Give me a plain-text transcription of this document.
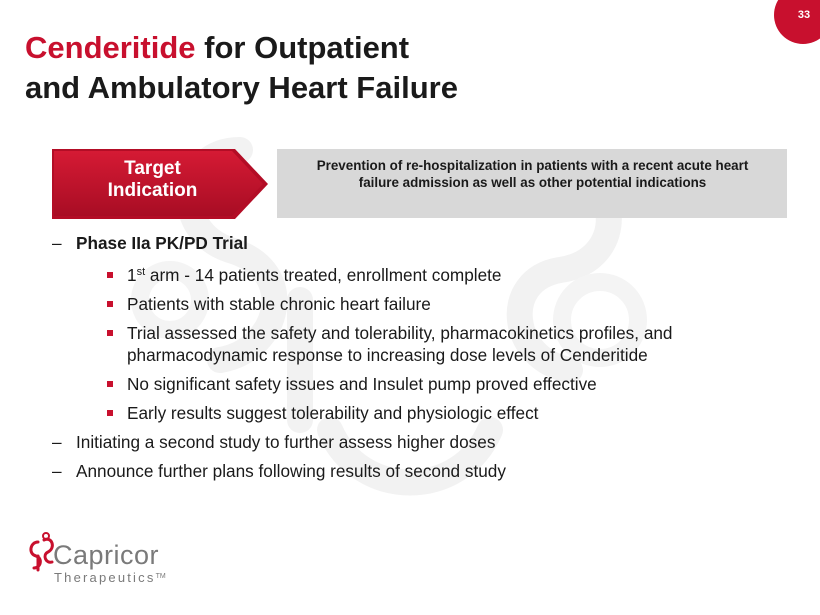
33
Cenderitide for Outpatient
and Ambulatory Heart Failure
Target
Indication
Prevention of re-hospitalization in patients with a recent acute heart failure admission as well as other potential indications
– Phase IIa PK/PD Trial
1st arm - 14 patients treated, enrollment complete
Patients with stable chronic heart failure
Trial assessed the safety and tolerability, pharmacokinetics profiles, and pharmacodynamic response to increasing dose levels of Cenderitide
No significant safety issues and Insulet pump proved effective
Early results suggest tolerability and physiologic effect
– Initiating a second study to further assess higher doses
– Announce further plans following results of second study
Capricor
Therapeutics™
